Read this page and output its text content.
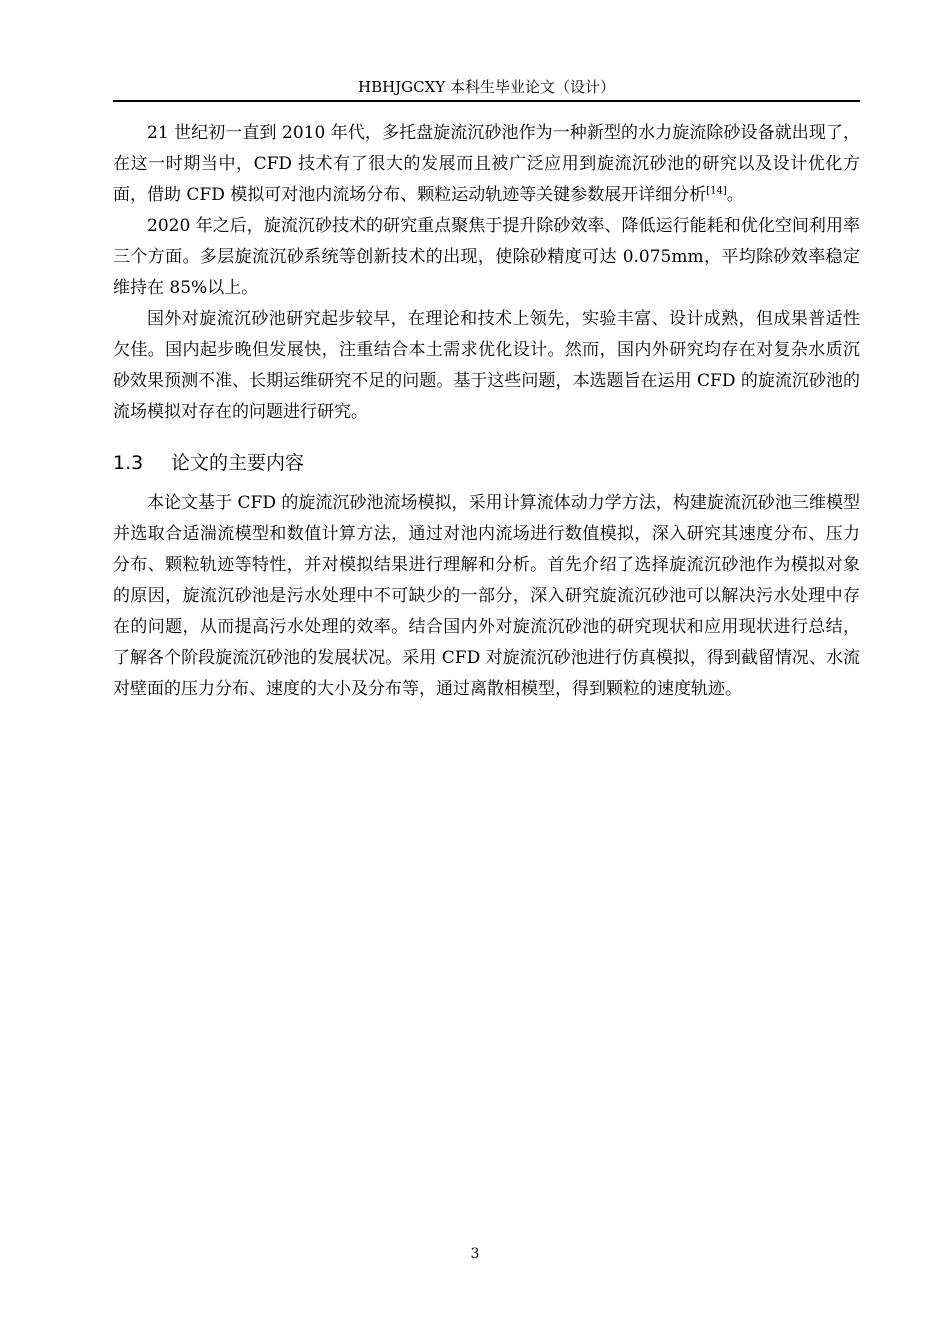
HBHJGCXY 本科生毕业论文（设计）

21 世纪初一直到 2010 年代，多托盘旋流沉砂池作为一种新型的水力旋流除砂设备就出现了，在这一时期当中，CFD 技术有了很大的发展而且被广泛应用到旋流沉砂池的研究以及设计优化方面，借助 CFD 模拟可对池内流场分布、颗粒运动轨迹等关键参数展开详细分析[14]。

2020 年之后，旋流沉砂技术的研究重点聚焦于提升除砂效率、降低运行能耗和优化空间利用率三个方面。多层旋流沉砂系统等创新技术的出现，使除砂精度可达 0.075mm，平均除砂效率稳定维持在 85%以上。

国外对旋流沉砂池研究起步较早，在理论和技术上领先，实验丰富、设计成熟，但成果普适性欠佳。国内起步晚但发展快，注重结合本土需求优化设计。然而，国内外研究均存在对复杂水质沉砂效果预测不准、长期运维研究不足的问题。基于这些问题，本选题旨在运用 CFD 的旋流沉砂池的流场模拟对存在的问题进行研究。

1.3 论文的主要内容

本论文基于 CFD 的旋流沉砂池流场模拟，采用计算流体动力学方法，构建旋流沉砂池三维模型并选取合适湍流模型和数值计算方法，通过对池内流场进行数值模拟，深入研究其速度分布、压力分布、颗粒轨迹等特性，并对模拟结果进行理解和分析。首先介绍了选择旋流沉砂池作为模拟对象的原因，旋流沉砂池是污水处理中不可缺少的一部分，深入研究旋流沉砂池可以解决污水处理中存在的问题，从而提高污水处理的效率。结合国内外对旋流沉砂池的研究现状和应用现状进行总结，了解各个阶段旋流沉砂池的发展状况。采用 CFD 对旋流沉砂池进行仿真模拟，得到截留情况、水流对壁面的压力分布、速度的大小及分布等，通过离散相模型，得到颗粒的速度轨迹。

3
